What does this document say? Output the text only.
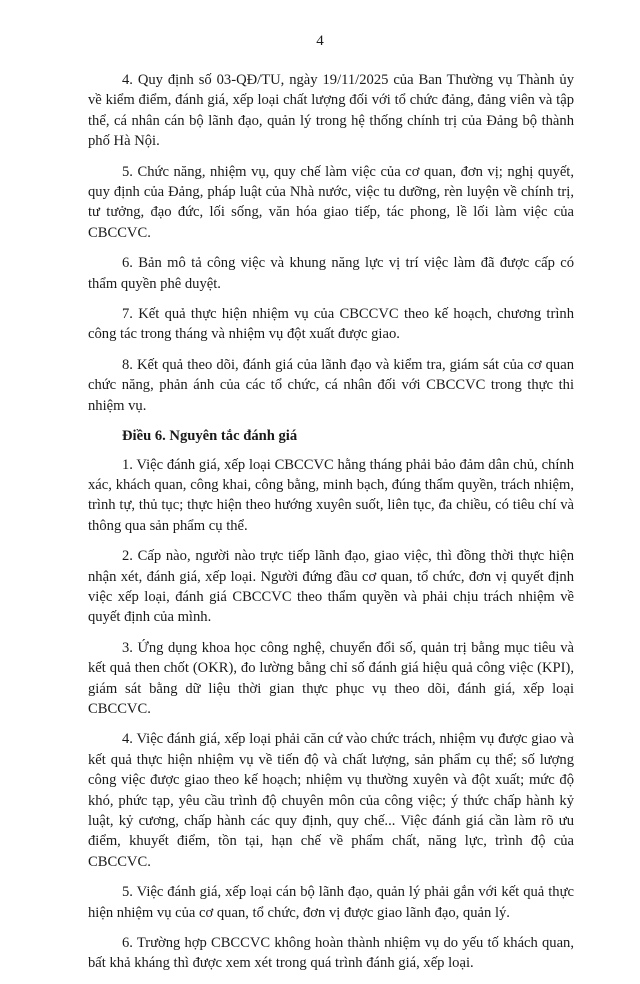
4

4. Quy định số 03-QĐ/TU, ngày 19/11/2025 của Ban Thường vụ Thành ủy về kiểm điểm, đánh giá, xếp loại chất lượng đối với tổ chức đảng, đảng viên và tập thể, cá nhân cán bộ lãnh đạo, quản lý trong hệ thống chính trị của Đảng bộ thành phố Hà Nội.

5. Chức năng, nhiệm vụ, quy chế làm việc của cơ quan, đơn vị; nghị quyết, quy định của Đảng, pháp luật của Nhà nước, việc tu dưỡng, rèn luyện về chính trị, tư tưởng, đạo đức, lối sống, văn hóa giao tiếp, tác phong, lề lối làm việc của CBCCVC.

6. Bản mô tả công việc và khung năng lực vị trí việc làm đã được cấp có thẩm quyền phê duyệt.

7. Kết quả thực hiện nhiệm vụ của CBCCVC theo kế hoạch, chương trình công tác trong tháng và nhiệm vụ đột xuất được giao.

8. Kết quả theo dõi, đánh giá của lãnh đạo và kiểm tra, giám sát của cơ quan chức năng, phản ánh của các tổ chức, cá nhân đối với CBCCVC trong thực thi nhiệm vụ.

Điều 6. Nguyên tắc đánh giá

1. Việc đánh giá, xếp loại CBCCVC hằng tháng phải bảo đảm dân chủ, chính xác, khách quan, công khai, công bằng, minh bạch, đúng thẩm quyền, trách nhiệm, trình tự, thủ tục; thực hiện theo hướng xuyên suốt, liên tục, đa chiều, có tiêu chí và thông qua sản phẩm cụ thể.

2. Cấp nào, người nào trực tiếp lãnh đạo, giao việc, thì đồng thời thực hiện nhận xét, đánh giá, xếp loại. Người đứng đầu cơ quan, tổ chức, đơn vị quyết định việc xếp loại, đánh giá CBCCVC theo thẩm quyền và phải chịu trách nhiệm về quyết định của mình.

3. Ứng dụng khoa học công nghệ, chuyển đổi số, quản trị bằng mục tiêu và kết quả then chốt (OKR), đo lường bằng chỉ số đánh giá hiệu quả công việc (KPI), giám sát bằng dữ liệu thời gian thực phục vụ theo dõi, đánh giá, xếp loại CBCCVC.

4. Việc đánh giá, xếp loại phải căn cứ vào chức trách, nhiệm vụ được giao và kết quả thực hiện nhiệm vụ về tiến độ và chất lượng, sản phẩm cụ thể; số lượng công việc được giao theo kế hoạch; nhiệm vụ thường xuyên và đột xuất; mức độ khó, phức tạp, yêu cầu trình độ chuyên môn của công việc; ý thức chấp hành kỷ luật, kỷ cương, chấp hành các quy định, quy chế... Việc đánh giá cần làm rõ ưu điểm, khuyết điểm, tồn tại, hạn chế về phẩm chất, năng lực, trình độ của CBCCVC.

5. Việc đánh giá, xếp loại cán bộ lãnh đạo, quản lý phải gắn với kết quả thực hiện nhiệm vụ của cơ quan, tổ chức, đơn vị được giao lãnh đạo, quản lý.

6. Trường hợp CBCCVC không hoàn thành nhiệm vụ do yếu tố khách quan, bất khả kháng thì được xem xét trong quá trình đánh giá, xếp loại.
